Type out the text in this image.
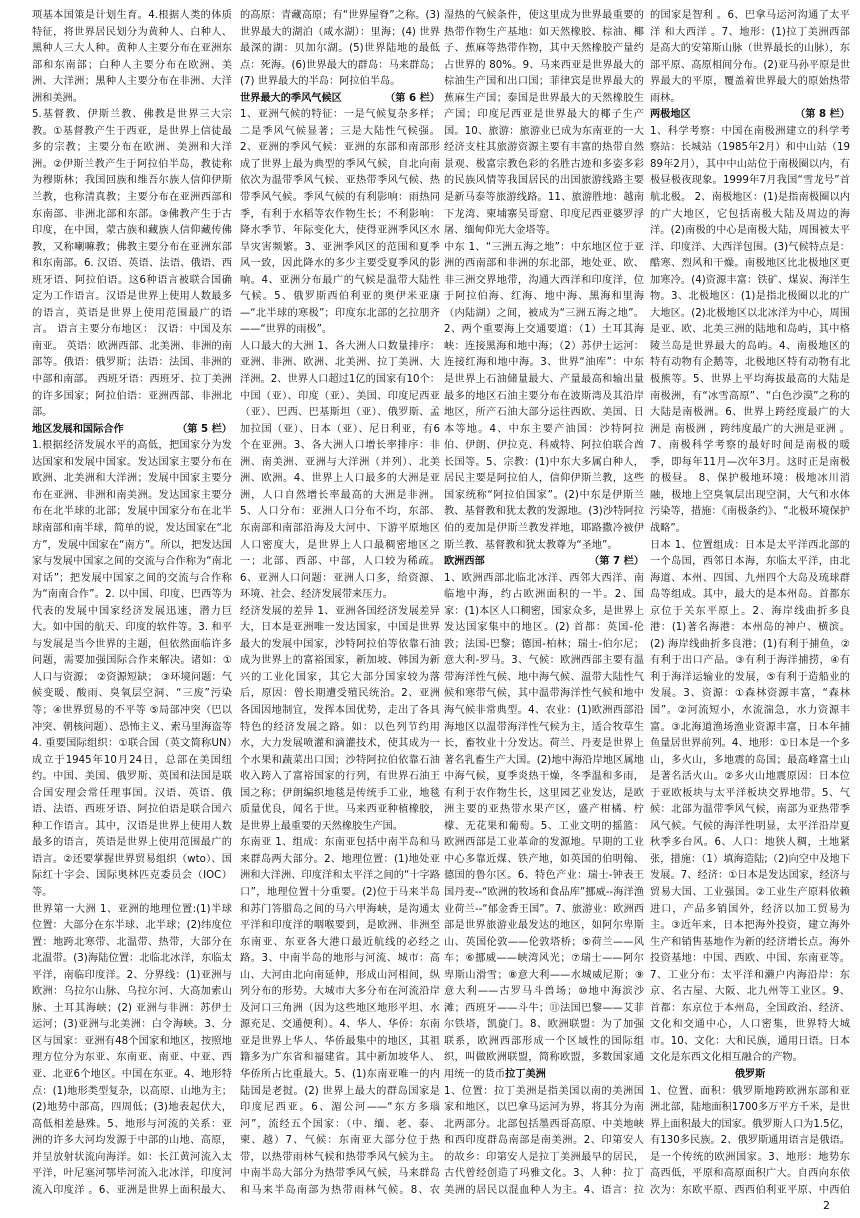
项基本国策是计划生育。4.根据人类的体质特征，将世界居民划分为黄种人、白种人、黑种人三大人种。黄种人主要分布在亚洲东部和东南部；白种人主要分布在欧洲、美洲、大洋洲；黑种人主要分布在非洲、大洋洲和美洲。
5.基督教、伊斯兰教、佛教是世界三大宗教。①基督教产生于西亚，是世界上信徒最多的宗教；主要分布在欧洲、美洲和大洋洲。②伊斯兰教产生于阿拉伯半岛，教徒称为穆斯林；我国回族和维吾尔族人信仰伊斯兰教，也称清真教；主要分布在亚洲西部和东南部、非洲北部和东部。③佛教产生于古印度，在中国，蒙古族和藏族人信仰藏传佛教，又称喇嘛教；佛教主要分布在亚洲东部和东南部。6. 汉语、英语、法语、俄语、西班牙语、阿拉伯语。这6种语言被联合国确定为工作语言。汉语是世界上使用人数最多的语言，英语是世界上使用范围最广的语言。 语言主要分布地区： 汉语：中国及东南亚。 英语：欧洲西部、北美洲、非洲的南部等。俄语：俄罗斯；法语：法国、非洲的中部和南部。 西班牙语：西班牙、拉丁美洲的许多国家；阿拉伯语：亚洲西部、非洲北部。
地区发展和国际合作	（第 5 栏）
1.根据经济发展水平的高低，把国家分为发达国家和发展中国家。发达国家主要分布在欧洲、北美洲和大洋洲；发展中国家主要分布在亚洲、非洲和南美洲。发达国家主要分布在北半球的北部；发展中国家分布在北半球南部和南半球，简单的说，发达国家在“北方”，发展中国家在“南方”。所以，把发达国家与发展中国家之间的交流与合作称为“南北对话”；把发展中国家之间的交流与合作称为“南南合作”。2. 以中国、印度、巴西等为代表的发展中国家经济发展迅速，潜力巨大。如中国的航天、印度的软件等。3. 和平与发展是当今世界的主题，但依然面临许多问题，需要加强国际合作来解决。诸如：①人口与资源； ②资源短缺； ③环境问题：气候变暖、酸雨、臭氧层空洞、“三废”污染等；④世界贸易的不平等 ⑤局部冲突（巴以冲突、朝核问题）、恐怖主义、索马里海盗等 4. 重要国际组织：①联合国（英文简称UN）成立于1945年10月24日，总部在美国纽约。中国、美国、俄罗斯、英国和法国是联合国安理会常任理事国。汉语、英语、俄语、法语、西班牙语、阿拉伯语是联合国六种工作语言。其中，汉语是世界上使用人数最多的语言，英语是世界上使用范围最广的语言。②还要掌握世界贸易组织（wto）、国际红十字会、国际奥林匹克委员会（IOC）等。
世界第一大洲 1、亚洲的地理位置:(1)半球位置：大部分在东半球、北半球；(2)纬度位置：地跨北寒带、北温带、热带，大部分在北温带。(3)海陆位置：北临北冰洋，东临太平洋，南临印度洋。2、分界线：(1)亚洲与欧洲：乌拉尔山脉、乌拉尔河、大高加索山脉、土耳其海峡；(2) 亚洲与非洲：苏伊士运河；(3)亚洲与北美洲：白令海峡。3、分区与国家：亚洲有48个国家和地区，按照地理方位分为东亚、东南亚、南亚、中亚、西亚、北亚6个地区。中国在东亚。4、地形特点：(1)地形类型复杂，以高原、山地为主；(2)地势中部高，四周低；(3)地表起伏大，高低相差悬殊。5、地形与河流的关系：亚洲的许多大河均发源于中部的山地、高原，并呈放射状流向海洋。如：长江黄河流入太平洋，叶尼塞河鄂毕河流入北冰洋，印度河流入印度洋 。6、亚洲是世界上面积最大、
的高原：青藏高原；有“世界屋脊”之称。(3)世界最大的湖泊（咸水湖）：里海；(4) 世界最深的湖：贝加尔湖。(5)世界陆地的最低点：死海。(6)世界最大的群岛：马来群岛；(7) 世界最大的半岛：阿拉伯半岛。
世界最大的季风气候区	（第 6 栏）
1、亚洲气候的特征：一是气候复杂多样；二是季风气候显著；三是大陆性气候强。2、亚洲的季风气候：亚洲的东部和南部形成了世界上最为典型的季风气候，自北向南依次为温带季风气候、亚热带季风气候、热带季风气候。季风气候的有利影响：雨热同季，有利于水稻等农作物生长；不利影响：降水季节、年际变化大，使得亚洲季风区水旱灾害频繁。3、亚洲季风区的范围和夏季风一致，因此降水的多少主要受夏季风的影响。4、亚洲分布最广的气候是温带大陆性气候。5、俄罗斯西伯利亚的奥伊米亚康—“北半球的寒极”；印度东北部的乞拉朋齐——“世界的雨极”。
人口最大的大洲 1、各大洲人口数量排序：亚洲、非洲、欧洲、北美洲、拉丁美洲、大洋洲。2、世界人口超过1亿的国家有10个：中国（亚）、印度（亚）、美国、印度尼西亚（亚）、巴西、巴基斯坦（亚）、俄罗斯、孟加拉国（亚）、日本（亚）、尼日利亚，有6个在亚洲。3、各大洲人口增长率排序：非洲、南美洲、亚洲与大洋洲（并列）、北美洲、欧洲。4、世界上人口最多的大洲是亚洲，人口自然增长率最高的大洲是非洲。5、人口分布：亚洲人口分布不均，东部、东南部和南部沿海及大河中、下游平原地区人口密度大，是世界上人口最稠密地区之一；北部、西部、中部，人口较为稀疏。6、亚洲人口问题：亚洲人口多，给资源、环境、社会、经济发展带来压力。
经济发展的差异 1、亚洲各国经济发展差异大，日本是亚洲唯一发达国家，中国是世界最大的发展中国家，沙特阿拉伯等依靠石油成为世界上的富裕国家，新加坡、韩国为新兴的工业化国家，其它大部分国家较为落后，原因：曾长期遭受殖民统治。2、亚洲各国因地制宜，发挥本国优势，走出了各具特色的经济发展之路。如：以色列节约用水，大力发展喷灌和滴灌技术，使其成为一个水果和蔬菜出口国；沙特阿拉伯依靠石油收入跨入了富裕国家的行列，有世界石油王国之称；伊朗编织地毯是传统手工业，地毯质量优良，闻名于世。马来西亚种植橡胶，是世界上最重要的天然橡胶生产国。
东南亚 1、组成：东南亚包括中南半岛和马来群岛两大部分。2、地理位置：(1)地处亚洲和大洋洲、印度洋和太平洋之间的“十字路口”，地理位置十分重要。(2)位于马来半岛和苏门答腊岛之间的马六甲海峡，是沟通太平洋和印度洋的咽喉要到，是欧洲、非洲至东南亚、东亚各大港口最近航线的必经之路。3、中南半岛的地形与河流、城市：高山、大河由北向南延伸，形成山河相间，纵列分布的形势。大城市大多分布在河流沿岸及河口三角洲（因为这些地区地形平坦、水源充足、交通便利）。4、华人、华侨：东南亚是世界上华人、华侨最集中的地区，其祖籍多为广东省和福建省。其中新加坡华人、华侨所占比重最大。5、(1)东南亚唯一的内陆国是老挝。(2) 世界上最大的群岛国家是印度尼西亚。6、湄公河——“东方多瑙河”，流经五个国家：（中、缅、老、泰、柬、越）7、气候：东南亚大部分位于热带，以热带雨林气候和热带季风气候为主。中南半岛大部分为热带季风气候，马来群岛和马来半岛南部为热带雨林气候。8、农
湿热的气候条件，使这里成为世界最重要的热带作物生产基地：如天然橡胶、棕油、椰子、蕉麻等热带作物，其中天然橡胶产量约占世界的 80%。9、马来西亚是世界最大的棕油生产国和出口国；菲律宾是世界最大的蕉麻生产国；泰国是世界最大的天然橡胶生产国；印度尼西亚是世界最大的椰子生产国。10、旅游：旅游业已成为东南亚的一大经济支柱其旅游资源主要有丰富的热带自然景观、极富宗教色彩的名胜古迹和多姿多彩的民族风情等我国居民的出国旅游线路主要是新马泰等旅游线路。11、旅游胜地：越南下龙湾、柬埔寨吴哥窟、印度尼西亚婆罗浮屠、缅甸仰光大金塔等。
中东 1、“三洲五海之地”：中东地区位于亚洲的西南部和非洲的东北部，地处亚、欧、非三洲交界地带，沟通大西洋和印度洋，位于阿拉伯海、红海、地中海、黑海和里海（内陆湖）之间，被成为“三洲五海之地”。2、两个重要海上交通要道：（1）土耳其海峡：连接黑海和地中海；（2）苏伊士运河：连接红海和地中海。3、世界“油库”：中东是世界上石油储量最大、产量最高和输出量最多的地区石油主要分布在波斯湾及其沿岸地区，所产石油大部分运往西欧、美国、日本等地。4、中东主要产油国：沙特阿拉伯、伊朗、伊拉克、科威特、阿拉伯联合酋长国等。5、宗教：(1)中东大多属白种人，居民主要是阿拉伯人，信仰伊斯兰教，这些国家统称“阿拉伯国家”。(2)中东是伊斯兰教、基督教和犹太教的发源地。(3)沙特阿拉伯的麦加是伊斯兰教发祥地，耶路撒冷被伊斯兰教、基督教和犹太教尊为“圣地”。
欧洲西部	（第 7 栏）
1、欧洲西部北临北冰洋、西邻大西洋、南临地中海，约占欧洲面积的一半。2、国家：(1)本区人口稠密，国家众多，是世界上发达国家集中的地区。(2) 首都：英国-伦敦；法国-巴黎；德国-柏林；瑞士-伯尔尼；意大利-罗马。3、气候：欧洲西部主要有温带海洋性气候、地中海气候、温带大陆性气候和寒带气候，其中温带海洋性气候和地中海气候非常典型。4、农业：(1)欧洲西部沿海地区以温带海洋性气候为主，适合牧草生长，畜牧业十分发达。荷兰、丹麦是世界上著名乳畜生产大国。(2)地中海沿岸地区属地中海气候，夏季炎热干燥，冬季温和多雨，有利于农作物生长，这里园艺业发达，是欧洲主要的亚热带水果产区，盛产柑橘、柠檬、无花果和葡萄。5、工业文明的摇篮：欧洲西部是工业革命的发源地。早期的工业中心多靠近煤、铁产地，如英国的伯明翰、德国的鲁尔区。6、特色产业：瑞士-钟表王国丹麦--“欧洲的牧场和食品库”挪威--海洋渔业荷兰--“郁金香王国”。7、旅游业：欧洲西部是世界旅游业最发达的地区，如阿尔卑斯山、英国伦敦——伦敦塔桥；⑤荷兰——风车；⑥挪威——峡湾风光；⑦瑞士——阿尔卑斯山滑雪；⑧意大利——水城威尼斯；⑨意大利——古罗马斗兽场；⑩地中海滨沙滩；西班牙——斗牛；⑪法国巴黎——艾菲尔铁塔，凯旋门。8、欧洲联盟：为了加强联系，欧洲西部形成一个区域性的国际组织，叫做欧洲联盟，简称欧盟，多数国家通用统一的货币拉丁美洲
1、位置：拉丁美洲是指美国以南的美洲国家和地区，以巴拿马运河为界，将其分为南北两部分。北部包括墨西哥高原、中美地峡和西印度群岛南部是南美洲。2、印第安人的故乡：印第安人是拉丁美洲最早的居民，古代曾经创造了玛雅文化。3、人种：拉丁美洲的居民以混血种人为主。4、语言：拉
的国家是智利 。6、巴拿马运河沟通了太平洋 和大西洋 。7、地形：(1)拉丁美洲西部是高大的安第斯山脉（世界最长的山脉），东部平原、高原相间分布。(2)亚马孙平原是世界最大的平原，覆盖着世界最大的原始热带雨林。
两极地区	（第 8 栏）
1、科学考察：中国在南极洲建立的科学考察站：长城站（1985年2月）和中山站（1989年2月），其中中山站位于南极圈以内，有极昼极夜现象。1999年7月我国“雪龙号”首航北极。 2、南极地区：(1)是指南极圈以内的广大地区，它包括南极大陆及周边的海洋。(2)南极的中心是南极大陆，周围被太平洋、印度洋、大西洋包围。(3)气候特点是：酷寒、烈风和干燥。南极地区比北极地区更加寒冷。(4)资源丰富：铁矿、煤炭、海洋生物。3、北极地区：(1)是指北极圈以北的广大地区。(2)北极地区以北冰洋为中心，周围是亚、欧、北美三洲的陆地和岛屿，其中格陵兰岛是世界最大的岛屿。4、南极地区的特有动物有企鹅等，北极地区特有动物有北极熊等。5、世界上平均海拔最高的大陆是南极洲，有“冰雪高原”、“白色沙漠”之称的大陆是南极洲。6、世界上跨经度最广的大洲是 南极洲 ，跨纬度最广的大洲是亚洲 。7、南极科学考察的最好时间是南极的暖季，即每年11月—次年3月。这时正是南极的极昼。 8、保护极地环境：极地冰川消融，极地上空臭氧层出现空洞，大气和水体污染等，措施：《南极条约》、“北极环境保护战略”。
日本 1、位置组成：日本是太平洋西北部的一个岛国，西邻日本海，东临太平洋，由北海道、本州、四国、九州四个大岛及琉球群岛等组成。其中，最大的是本州岛。首都东京位于关东平原上。2、海岸线曲折多良港：(1)著名海港：本州岛的神户、横滨。(2) 海岸线曲折多良港；(1)有利于捕鱼，②有利于出口产品。③有利于海洋捕捞，④有利于海洋运输业的发展，⑤有利于造船业的发展。3、资源：①森林资源丰富，“森林国”。②河流短小，水流湍急，水力资源丰富。③北海道渔场渔业资源丰富，日本年捕鱼量居世界前列。4、地形：①日本是一个多山，多火山，多地震的岛国；最高峰富士山是著名活火山。②多火山地震原因：日本位于亚欧板块与太平洋板块交界地带。5、气候：北部为温带季风气候，南部为亚热带季风气候。气候的海洋性明显，太平洋沿岸夏秋季多台风。6、人口：地狭人稠，土地紧张，措施：（1）填海造陆;（2)向空中及地下发展。7、经济：①日本是发达国家，经济与贸易大国、工业强国。②工业生产原料依赖进口，产品多销国外，经济以加工贸易为主。③近年来，日本把海外投资，建立海外生产和销售基地作为新的经济增长点。海外投资基地：中国、西欧、中国、东南亚等。7、工业分布：太平洋和濑户内海沿岸：东京、名古屋、大阪、北九州等工业区。9、首都：东京位于本州岛，全国政治、经济、文化和交通中心，人口密集，世界特大城市。10、文化：大和民族，通用日语。日本文化是东西文化相互融合的产物。
俄罗斯
1、位置、面积：俄罗斯地跨欧洲东部和亚洲北部，陆地面积1700多万平方千米，是世界上面积最大的国家。俄罗斯人口为1.5亿，有130多民族。2、俄罗斯通用语言是俄语。是一个传统的欧洲国家。3、地形：地势东高西低，平原和高原面积广大。自西向东依次为：东欧平原、西西伯利亚平原、中西伯
2
